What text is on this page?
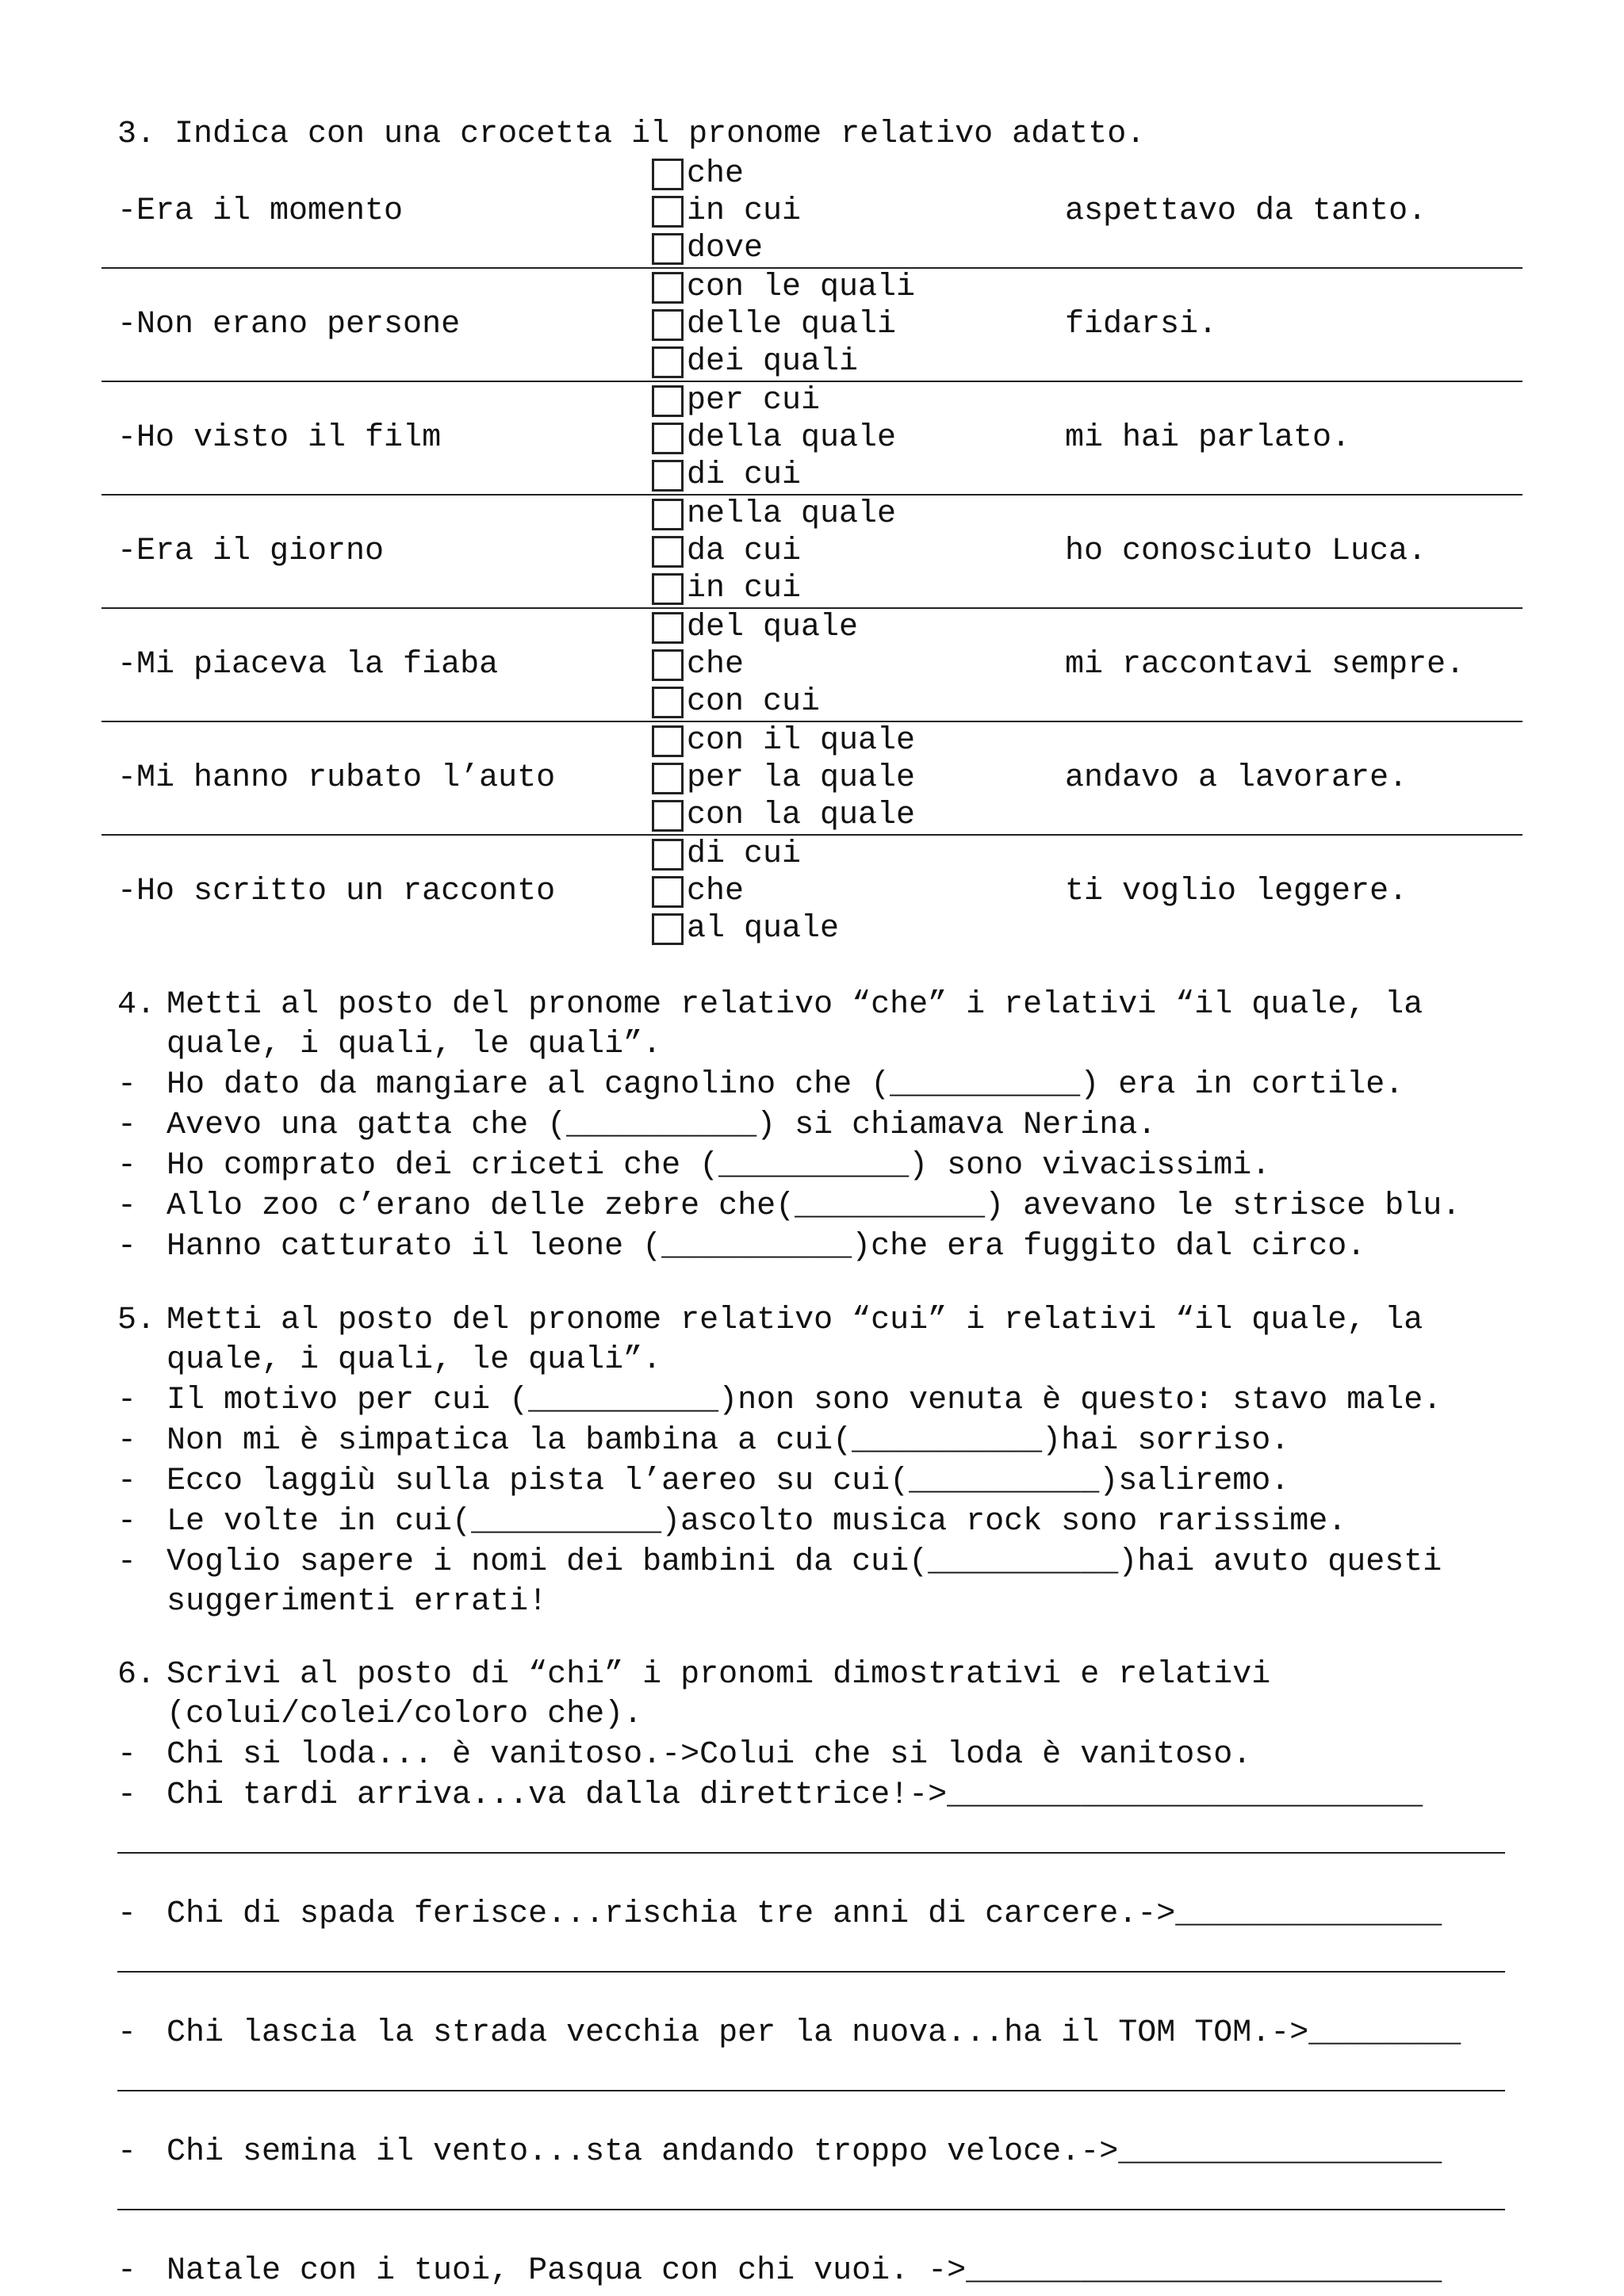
3. Indica con una crocetta il pronome relativo adatto.
-Era il momento
che
in cui
dove
aspettavo da tanto.
-Non erano persone
con le quali
delle quali
dei quali
fidarsi.
-Ho visto il film
per cui
della quale
di cui
mi hai parlato.
-Era il giorno
nella quale
da cui
in cui
ho conosciuto Luca.
-Mi piaceva la fiaba
del quale
che
con cui
mi raccontavi sempre.
-Mi hanno rubato l’auto
con il quale
per la quale
con la quale
andavo a lavorare.
-Ho scritto un racconto
di cui
che
al quale
ti voglio leggere.
4. Metti al posto del pronome relativo “che” i relativi “il quale, la
quale, i quali, le quali”.
- Ho dato da mangiare al cagnolino che (__________) era in cortile.
- Avevo una gatta che (__________) si chiamava Nerina.
- Ho comprato dei criceti che (__________) sono vivacissimi.
- Allo zoo c’erano delle zebre che(__________) avevano le strisce blu.
- Hanno catturato il leone (__________)che era fuggito dal circo.
5. Metti al posto del pronome relativo “cui” i relativi “il quale, la
quale, i quali, le quali”.
- Il motivo per cui (__________)non sono venuta è questo: stavo male.
- Non mi è simpatica la bambina a cui(__________)hai sorriso.
- Ecco laggiù sulla pista l’aereo su cui(__________)saliremo.
- Le volte in cui(__________)ascolto musica rock sono rarissime.
- Voglio sapere i nomi dei bambini da cui(__________)hai avuto questi
suggerimenti errati!
6. Scrivi al posto di “chi” i pronomi dimostrativi e relativi
(colui/colei/coloro che).
- Chi si loda... è vanitoso.->Colui che si loda è vanitoso.
- Chi tardi arriva...va dalla direttrice!->_________________________
- Chi di spada ferisce...rischia tre anni di carcere.->______________
- Chi lascia la strada vecchia per la nuova...ha il TOM TOM.->________
- Chi semina il vento...sta andando troppo veloce.->_________________
- Natale con i tuoi, Pasqua con chi vuoi. ->_________________________
